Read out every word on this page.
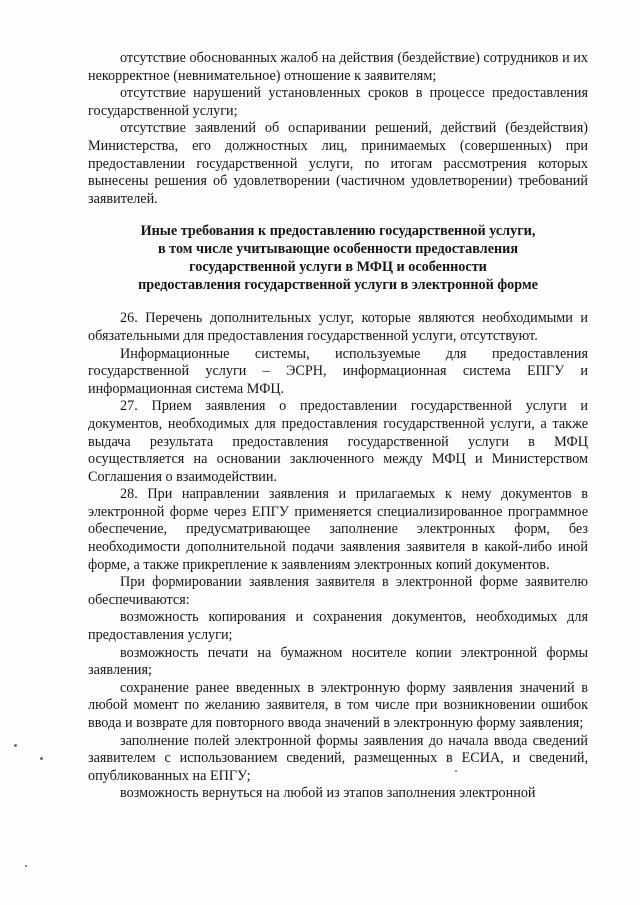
отсутствие обоснованных жалоб на действия (бездействие) сотрудников и их некорректное (невнимательное) отношение к заявителям;

отсутствие нарушений установленных сроков в процессе предоставления государственной услуги;

отсутствие заявлений об оспаривании решений, действий (бездействия) Министерства, его должностных лиц, принимаемых (совершенных) при предоставлении государственной услуги, по итогам рассмотрения которых вынесены решения об удовлетворении (частичном удовлетворении) требований заявителей.

Иные требования к предоставлению государственной услуги,
в том числе учитывающие особенности предоставления
государственной услуги в МФЦ и особенности
предоставления государственной услуги в электронной форме

26. Перечень дополнительных услуг, которые являются необходимыми и обязательными для предоставления государственной услуги, отсутствуют.

Информационные системы, используемые для предоставления государственной услуги – ЭСРН, информационная система ЕПГУ и информационная система МФЦ.

27. Прием заявления о предоставлении государственной услуги и документов, необходимых для предоставления государственной услуги, а также выдача результата предоставления государственной услуги в МФЦ осуществляется на основании заключенного между МФЦ и Министерством Соглашения о взаимодействии.

28. При направлении заявления и прилагаемых к нему документов в электронной форме через ЕПГУ применяется специализированное программное обеспечение, предусматривающее заполнение электронных форм, без необходимости дополнительной подачи заявления заявителя в какой-либо иной форме, а также прикрепление к заявлениям электронных копий документов.

При формировании заявления заявителя в электронной форме заявителю обеспечиваются:

возможность копирования и сохранения документов, необходимых для предоставления услуги;

возможность печати на бумажном носителе копии электронной формы заявления;

сохранение ранее введенных в электронную форму заявления значений в любой момент по желанию заявителя, в том числе при возникновении ошибок ввода и возврате для повторного ввода значений в электронную форму заявления;

заполнение полей электронной формы заявления до начала ввода сведений заявителем с использованием сведений, размещенных в ЕСИА, и сведений, опубликованных на ЕПГУ;

возможность вернуться на любой из этапов заполнения электронной
